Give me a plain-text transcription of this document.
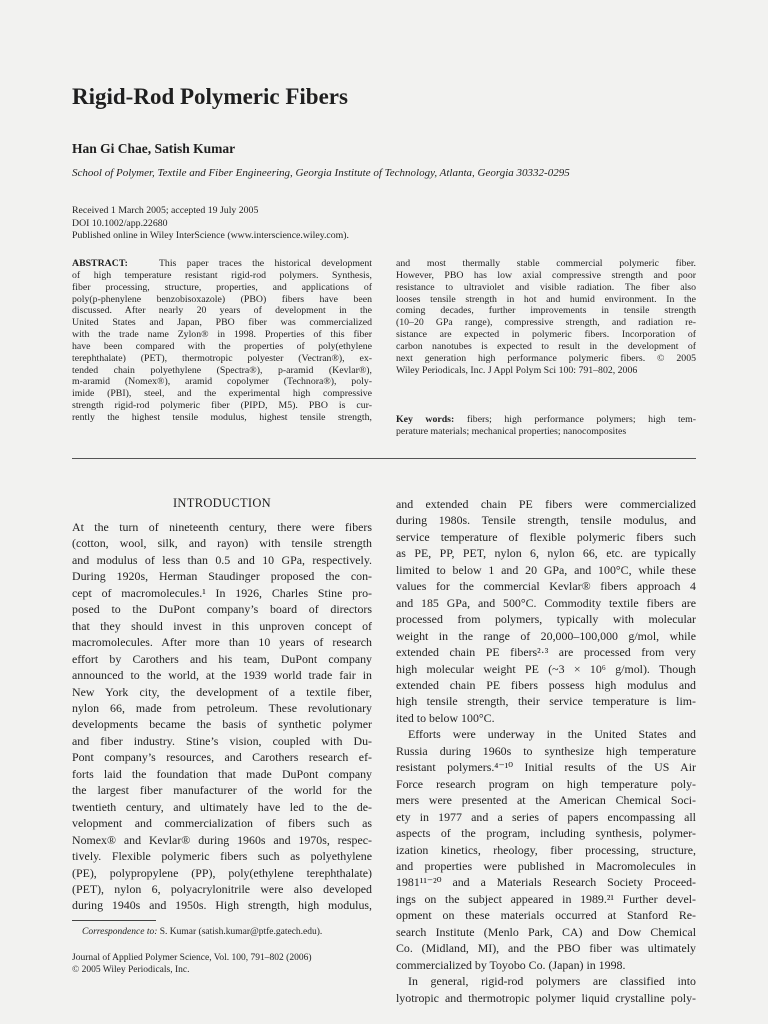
Rigid-Rod Polymeric Fibers
Han Gi Chae, Satish Kumar
School of Polymer, Textile and Fiber Engineering, Georgia Institute of Technology, Atlanta, Georgia 30332-0295
Received 1 March 2005; accepted 19 July 2005
DOI 10.1002/app.22680
Published online in Wiley InterScience (www.interscience.wiley.com).
ABSTRACT:	This paper traces the historical development
of high temperature resistant rigid-rod polymers. Synthesis,
fiber processing, structure, properties, and applications of
poly(p-phenylene benzobisoxazole) (PBO) fibers have been
discussed. After nearly 20 years of development in the
United States and Japan, PBO fiber was commercialized
with the trade name Zylon® in 1998. Properties of this fiber
have been compared with the properties of poly(ethylene
terephthalate) (PET), thermotropic polyester (Vectran®), ex-
tended chain polyethylene (Spectra®), p-aramid (Kevlar®),
m-aramid (Nomex®), aramid copolymer (Technora®), poly-
imide (PBI), steel, and the experimental high compressive
strength rigid-rod polymeric fiber (PIPD, M5). PBO is cur-
rently the highest tensile modulus, highest tensile strength,
and most thermally stable commercial polymeric fiber.
However, PBO has low axial compressive strength and poor
resistance to ultraviolet and visible radiation. The fiber also
looses tensile strength in hot and humid environment. In the
coming decades, further improvements in tensile strength
(10–20 GPa range), compressive strength, and radiation re-
sistance are expected in polymeric fibers. Incorporation of
carbon nanotubes is expected to result in the development of
next generation high performance polymeric fibers. © 2005
Wiley Periodicals, Inc. J Appl Polym Sci 100: 791–802, 2006
Key words: fibers; high performance polymers; high tem-
perature materials; mechanical properties; nanocomposites
INTRODUCTION
At the turn of nineteenth century, there were fibers
(cotton, wool, silk, and rayon) with tensile strength
and modulus of less than 0.5 and 10 GPa, respectively.
During 1920s, Herman Staudinger proposed the con-
cept of macromolecules.¹ In 1926, Charles Stine pro-
posed to the DuPont company’s board of directors
that they should invest in this unproven concept of
macromolecules. After more than 10 years of research
effort by Carothers and his team, DuPont company
announced to the world, at the 1939 world trade fair in
New York city, the development of a textile fiber,
nylon 66, made from petroleum. These revolutionary
developments became the basis of synthetic polymer
and fiber industry. Stine’s vision, coupled with Du-
Pont company’s resources, and Carothers research ef-
forts laid the foundation that made DuPont company
the largest fiber manufacturer of the world for the
twentieth century, and ultimately have led to the de-
velopment and commercialization of fibers such as
Nomex® and Kevlar® during 1960s and 1970s, respec-
tively. Flexible polymeric fibers such as polyethylene
(PE), polypropylene (PP), poly(ethylene terephthalate)
(PET), nylon 6, polyacrylonitrile were also developed
during 1940s and 1950s. High strength, high modulus,
and extended chain PE fibers were commercialized
during 1980s. Tensile strength, tensile modulus, and
service temperature of flexible polymeric fibers such
as PE, PP, PET, nylon 6, nylon 66, etc. are typically
limited to below 1 and 20 GPa, and 100°C, while these
values for the commercial Kevlar® fibers approach 4
and 185 GPa, and 500°C. Commodity textile fibers are
processed from polymers, typically with molecular
weight in the range of 20,000–100,000 g/mol, while
extended chain PE fibers²·³ are processed from very
high molecular weight PE (~3 × 10⁶ g/mol). Though
extended chain PE fibers possess high modulus and
high tensile strength, their service temperature is lim-
ited to below 100°C.
Efforts were underway in the United States and
Russia during 1960s to synthesize high temperature
resistant polymers.⁴⁻¹⁰ Initial results of the US Air
Force research program on high temperature poly-
mers were presented at the American Chemical Soci-
ety in 1977 and a series of papers encompassing all
aspects of the program, including synthesis, polymer-
ization kinetics, rheology, fiber processing, structure,
and properties were published in Macromolecules in
1981¹¹⁻²⁰ and a Materials Research Society Proceed-
ings on the subject appeared in 1989.²¹ Further devel-
opment on these materials occurred at Stanford Re-
search Institute (Menlo Park, CA) and Dow Chemical
Co. (Midland, MI), and the PBO fiber was ultimately
commercialized by Toyobo Co. (Japan) in 1998.
In general, rigid-rod polymers are classified into
lyotropic and thermotropic polymer liquid crystalline poly-
Correspondence to: S. Kumar (satish.kumar@ptfe.gatech.edu).
Journal of Applied Polymer Science, Vol. 100, 791–802 (2006)
© 2005 Wiley Periodicals, Inc.
